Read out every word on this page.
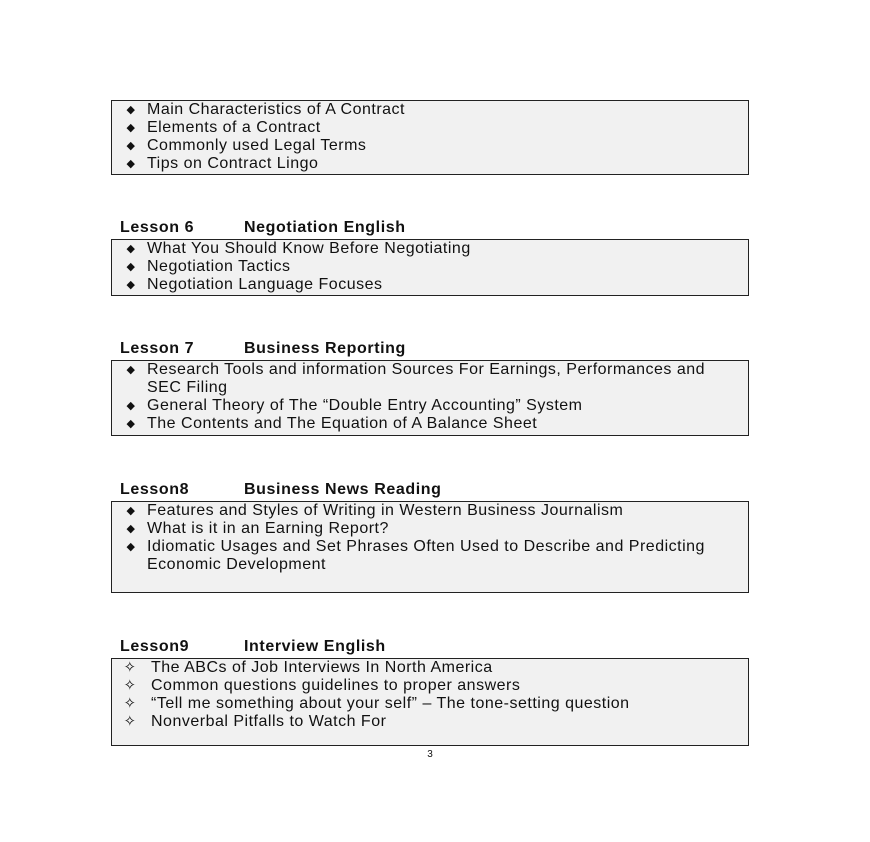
◆ Main Characteristics of A Contract
◆ Elements of a Contract
◆ Commonly used Legal Terms
◆ Tips on Contract Lingo
Lesson 6	Negotiation English
◆ What You Should Know Before Negotiating
◆ Negotiation Tactics
◆ Negotiation Language Focuses
Lesson 7	Business Reporting
◆ Research Tools and information Sources For Earnings, Performances and SEC Filing
◆ General Theory of The “Double Entry Accounting” System
◆ The Contents and The Equation of A Balance Sheet
Lesson8	Business News Reading
◆ Features and Styles of Writing in Western Business Journalism
◆ What is it in an Earning Report?
◆ Idiomatic Usages and Set Phrases Often Used to Describe and Predicting Economic Development
Lesson9	Interview English
✧ The ABCs of Job Interviews In North America
✧ Common questions guidelines to proper answers
✧ “Tell me something about your self” – The tone-setting question
✧ Nonverbal Pitfalls to Watch For
3
